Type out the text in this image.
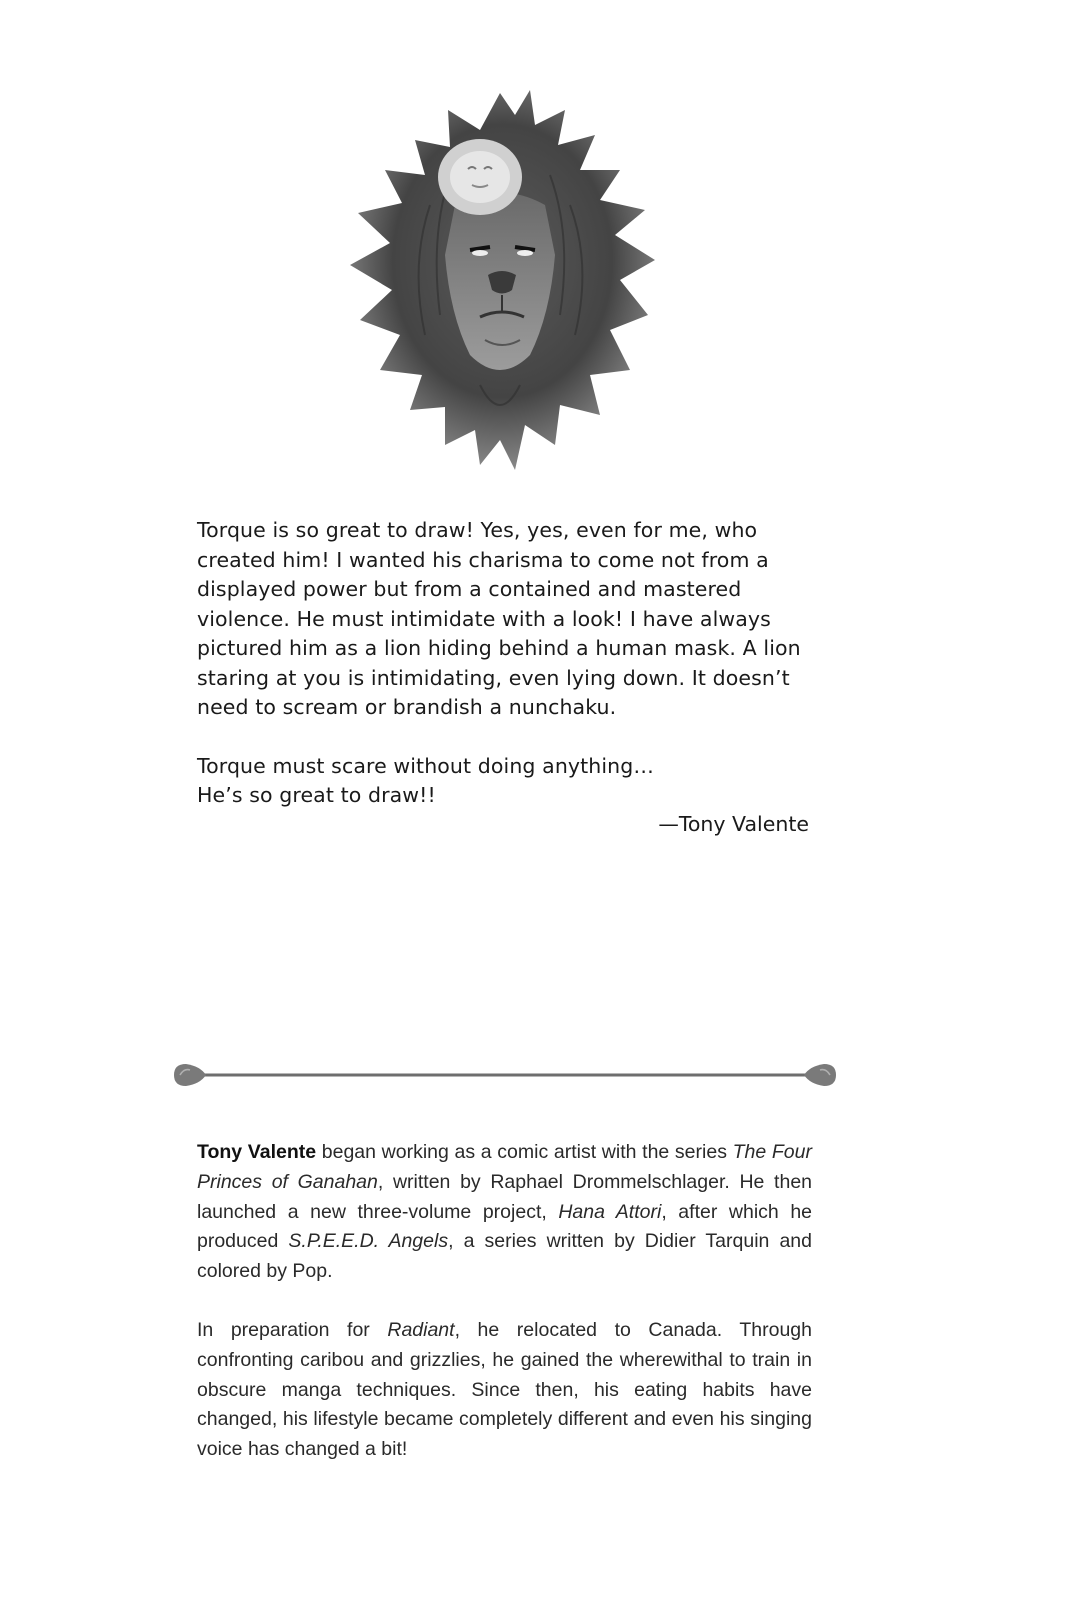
Torque is so great to draw! Yes, yes, even for me, who created him! I wanted his charisma to come not from a displayed power but from a contained and mastered violence. He must intimidate with a look! I have always pictured him as a lion hiding behind a human mask. A lion staring at you is intimidating, even lying down. It doesn’t need to scream or brandish a nunchaku.

Torque must scare without doing anything…
He’s so great to draw!!

—Tony Valente

Tony Valente began working as a comic artist with the series The Four Princes of Ganahan, written by Raphael Drommelschlager. He then launched a new three-volume project, Hana Attori, after which he produced S.P.E.E.D. Angels, a series written by Didier Tarquin and colored by Pop.

In preparation for Radiant, he relocated to Canada. Through confronting caribou and grizzlies, he gained the wherewithal to train in obscure manga techniques. Since then, his eating habits have changed, his lifestyle became completely different and even his singing voice has changed a bit!
